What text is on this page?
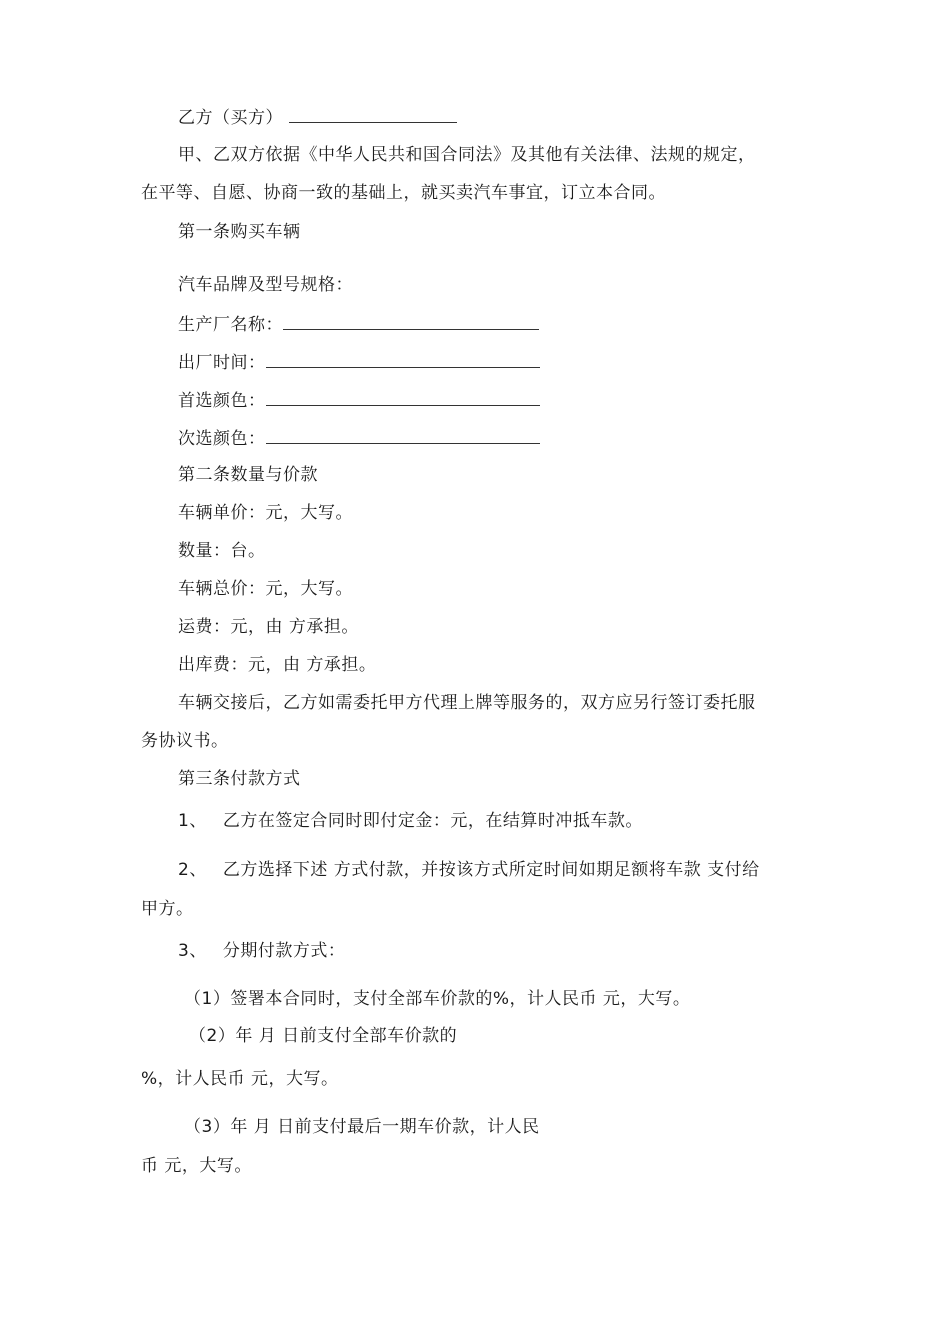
乙方（买方）
甲、乙双方依据《中华人民共和国合同法》及其他有关法律、法规的规定，
在平等、自愿、协商一致的基础上，就买卖汽车事宜，订立本合同。
第一条购买车辆
汽车品牌及型号规格：
生产厂名称：
出厂时间：
首选颜色：
次选颜色：
第二条数量与价款
车辆单价：元，大写。
数量：台。
车辆总价：元，大写。
运费：元，由 方承担。
出库费：元，由 方承担。
车辆交接后，乙方如需委托甲方代理上牌等服务的，双方应另行签订委托服
务协议书。
第三条付款方式
1、 乙方在签定合同时即付定金：元，在结算时冲抵车款。
2、 乙方选择下述 方式付款，并按该方式所定时间如期足额将车款 支付给
甲方。
3、 分期付款方式：
（1）签署本合同时，支付全部车价款的%，计人民币 元，大写。
（2）年 月 日前支付全部车价款的
%，计人民币 元，大写。
（3）年 月 日前支付最后一期车价款，计人民
币 元，大写。
